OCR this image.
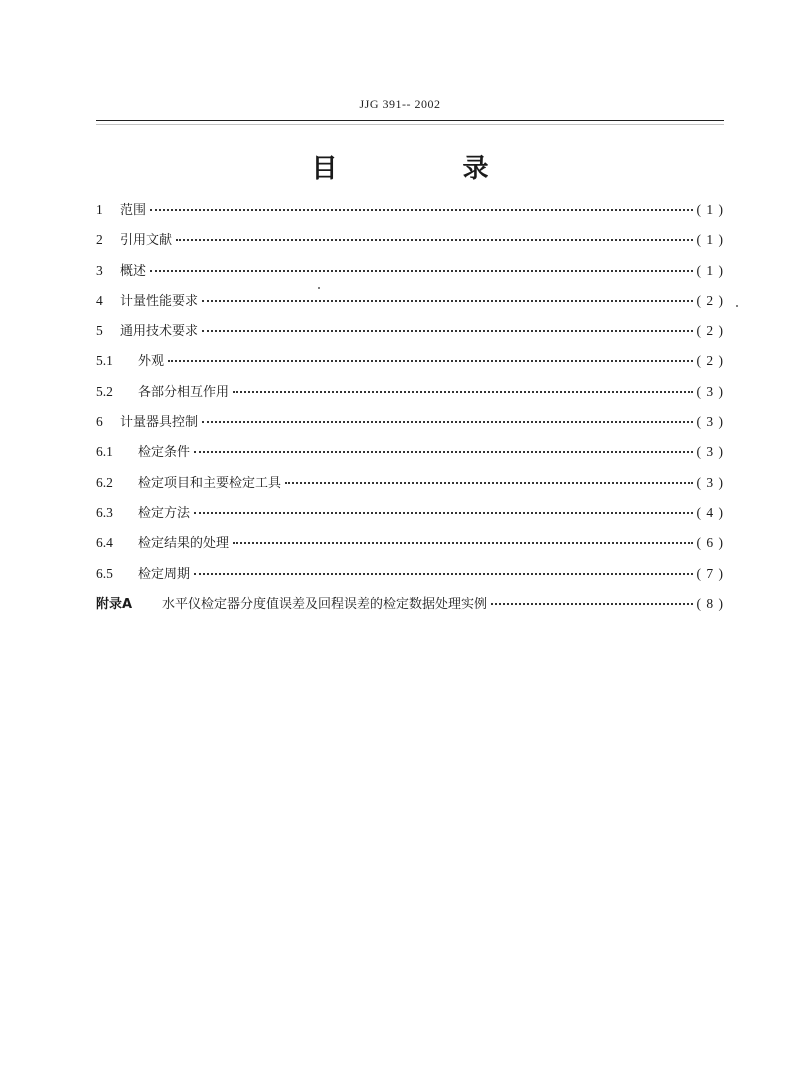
JJG 391-- 2002
目 录
1	范围	( 1 )
2	引用文献	( 1 )
3	概述	( 1 )
4	计量性能要求	( 2 )
5	通用技术要求	( 2 )
5.1	外观	( 2 )
5.2	各部分相互作用	( 3 )
6	计量器具控制	( 3 )
6.1	检定条件	( 3 )
6.2	检定项目和主要检定工具	( 3 )
6.3	检定方法	( 4 )
6.4	检定结果的处理	( 6 )
6.5	检定周期	( 7 )
附录A	水平仪检定器分度值误差及回程误差的检定数据处理实例	( 8 )
